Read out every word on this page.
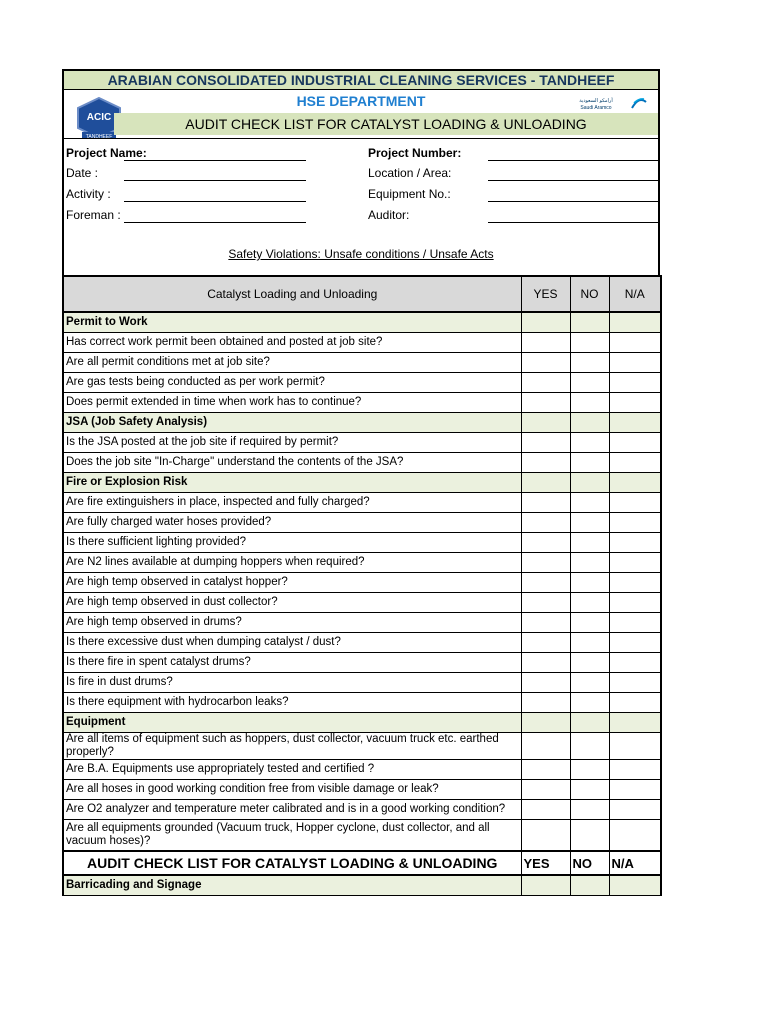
ARABIAN CONSOLIDATED INDUSTRIAL CLEANING SERVICES - TANDHEEF
ACIC
TANDHEEF
HSE DEPARTMENT
AUDIT CHECK LIST FOR CATALYST LOADING & UNLOADING
أرامكو السعودية
Saudi Aramco
Project Name:
Date :
Activity :
Foreman :
Project Number:
Location / Area:
Equipment No.:
Auditor:
Safety Violations: Unsafe conditions / Unsafe Acts
Catalyst Loading and Unloading	YES	NO	N/A
Permit to Work			
Has correct work permit been obtained and posted at job site?			
Are all permit conditions met at job site?			
Are gas tests being conducted as per work permit?			
Does permit extended in time when work has to continue?			
JSA (Job Safety Analysis)			
Is the JSA posted at the job site if required by permit?			
Does the job site "In-Charge" understand the contents of the JSA?			
Fire or Explosion Risk			
Are fire extinguishers in place, inspected and fully charged?			
Are fully charged water hoses provided?			
Is there sufficient lighting provided?			
Are N2 lines available at dumping hoppers when required?			
Are high temp observed in catalyst hopper?			
Are high temp observed in dust collector?			
Are high temp observed in drums?			
Is there excessive dust when dumping catalyst / dust?			
Is there fire in spent catalyst drums?			
Is fire in dust drums?			
Is there equipment with hydrocarbon leaks?			
Equipment			
Are all items of equipment such as hoppers, dust collector, vacuum truck etc. earthed properly?			
Are B.A. Equipments use appropriately tested and certified ?			
Are all hoses in good working condition free from visible damage or leak?			
Are O2 analyzer and temperature meter calibrated and is in a good working condition?			
Are all equipments grounded (Vacuum truck, Hopper cyclone, dust collector, and all vacuum hoses)?			
AUDIT CHECK LIST FOR CATALYST LOADING & UNLOADING	YES	NO	N/A
Barricading and Signage			
